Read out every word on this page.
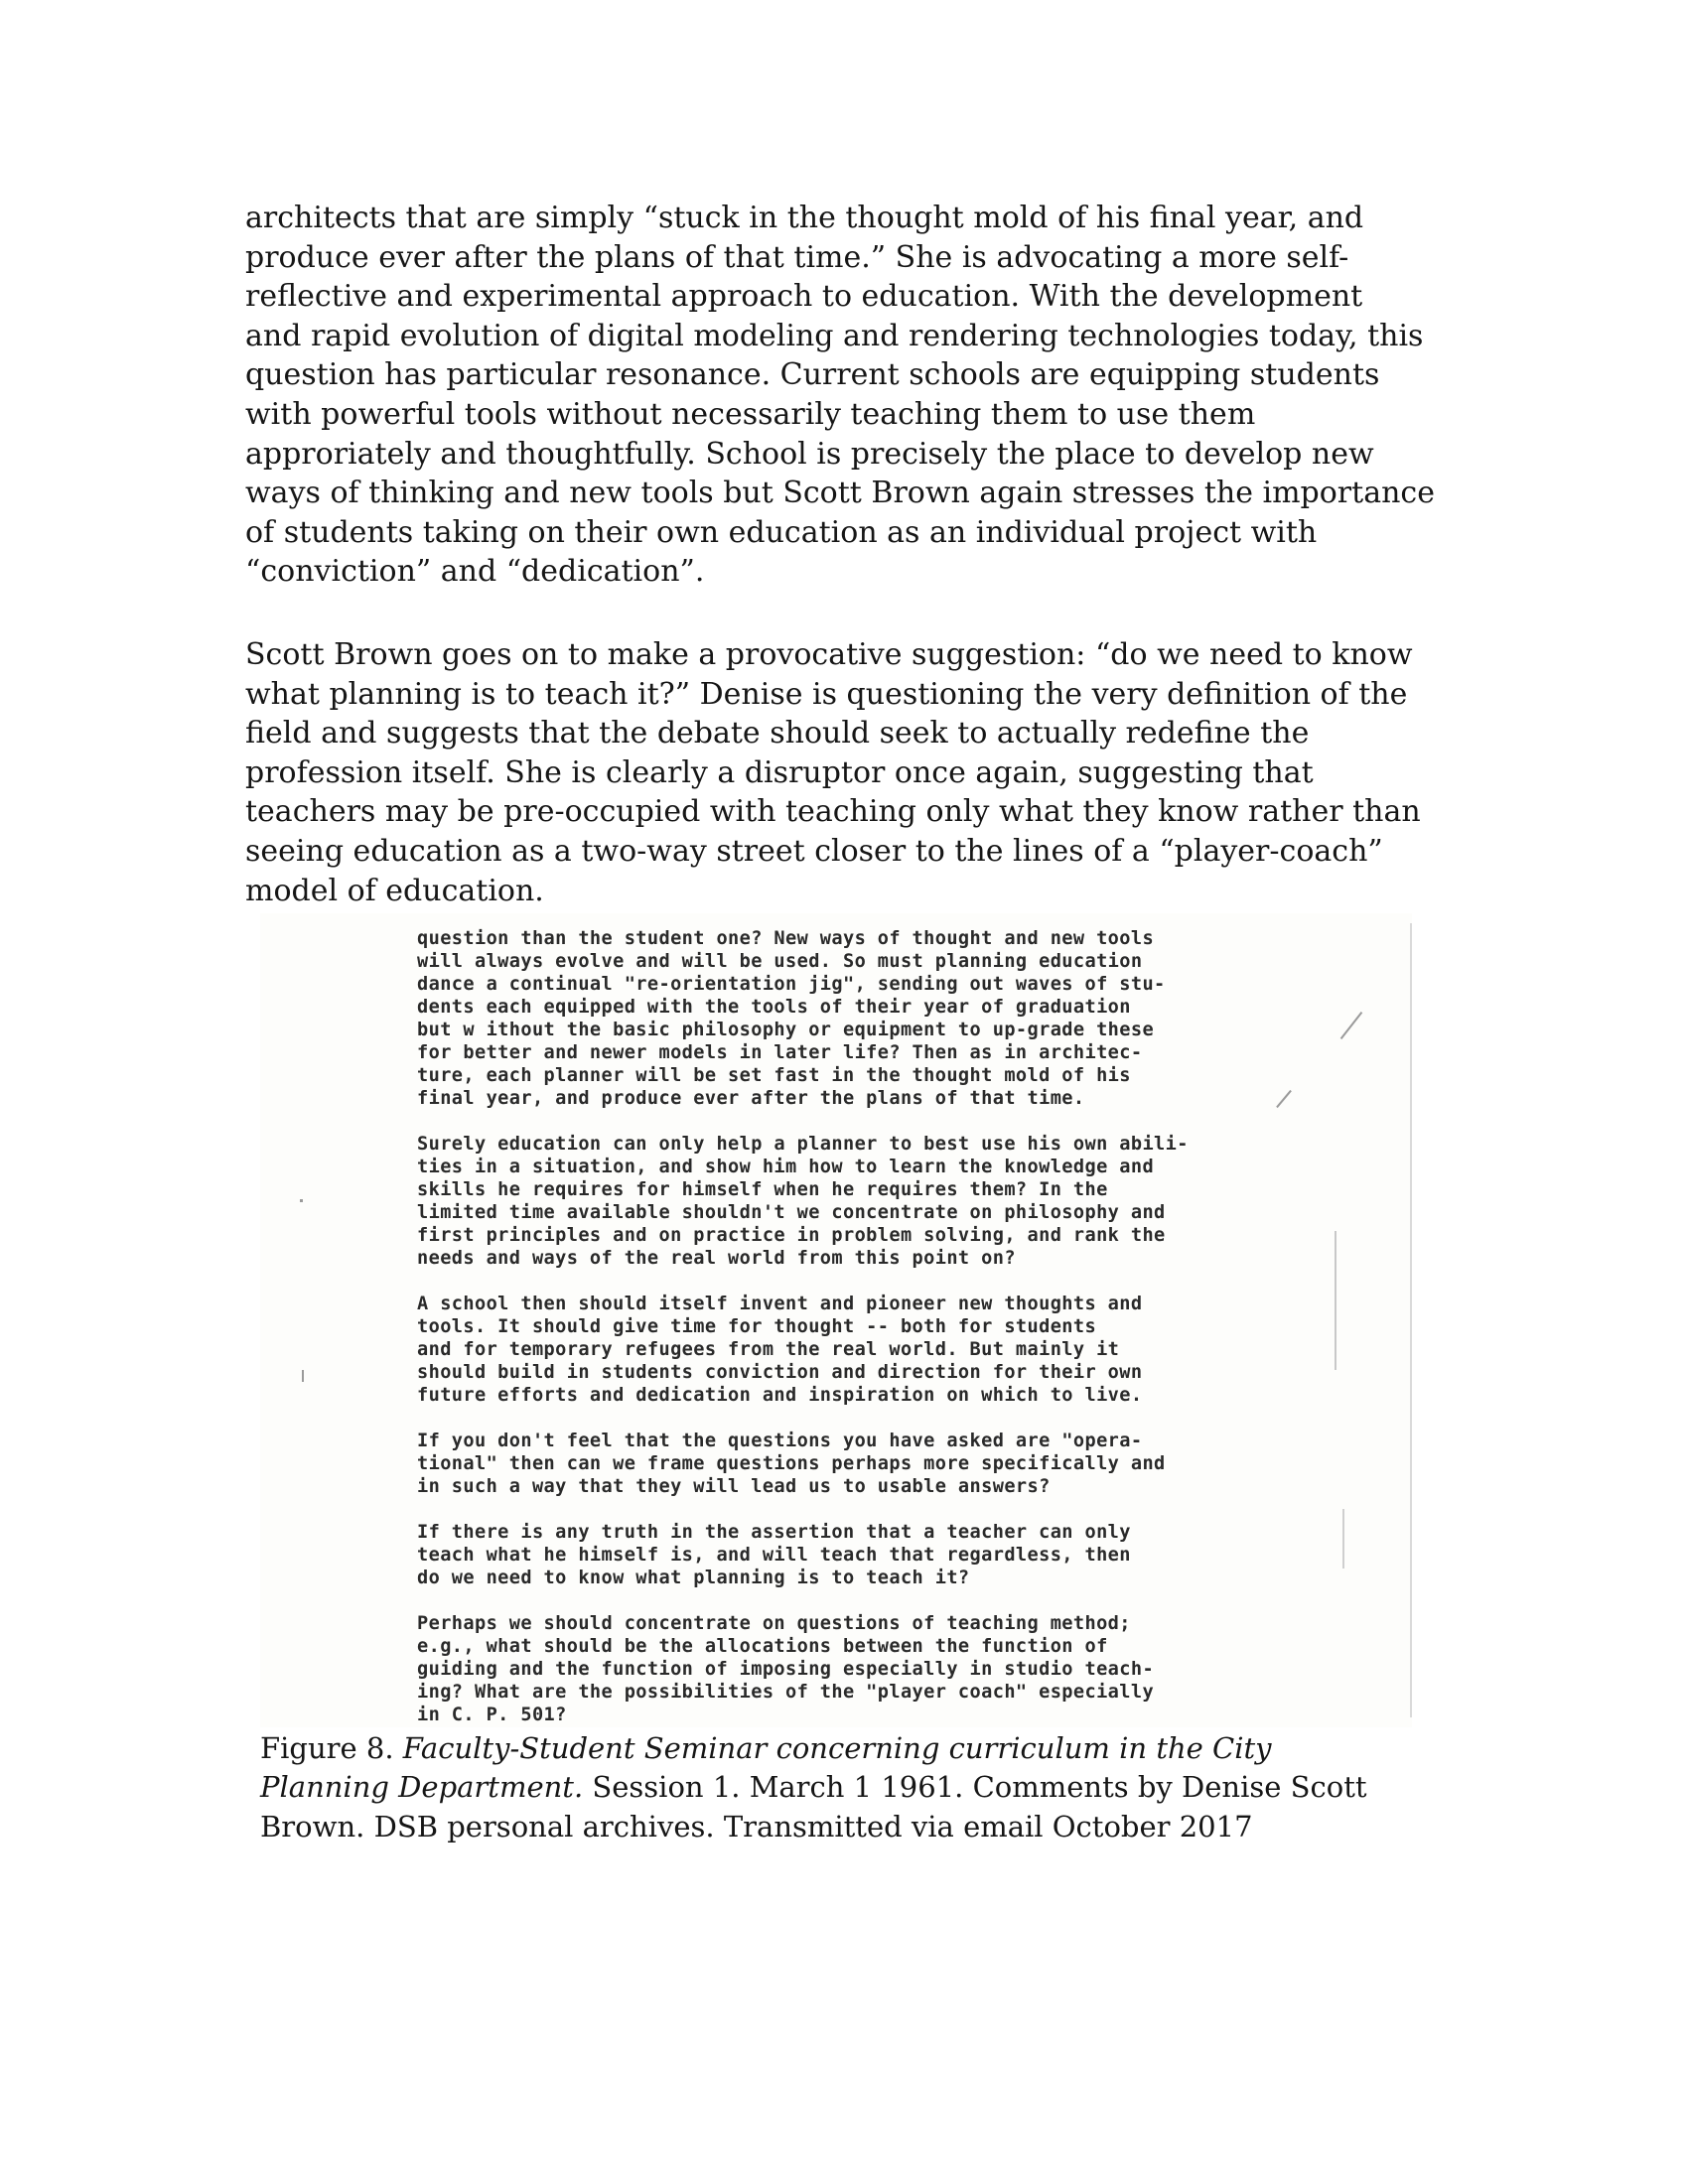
architects that are simply “stuck in the thought mold of his final year, and
produce ever after the plans of that time.” She is advocating a more self-
reflective and experimental approach to education. With the development
and rapid evolution of digital modeling and rendering technologies today, this
question has particular resonance. Current schools are equipping students
with powerful tools without necessarily teaching them to use them
approriately and thoughtfully. School is precisely the place to develop new
ways of thinking and new tools but Scott Brown again stresses the importance
of students taking on their own education as an individual project with
“conviction” and “dedication”.

Scott Brown goes on to make a provocative suggestion: “do we need to know
what planning is to teach it?” Denise is questioning the very definition of the
field and suggests that the debate should seek to actually redefine the
profession itself. She is clearly a disruptor once again, suggesting that
teachers may be pre-occupied with teaching only what they know rather than
seeing education as a two-way street closer to the lines of a “player-coach”
model of education.

question than the student one? New ways of thought and new tools
will always evolve and will be used. So must planning education
dance a continual "re-orientation jig", sending out waves of stu-
dents each equipped with the tools of their year of graduation
but w ithout the basic philosophy or equipment to up-grade these
for better and newer models in later life? Then as in architec-
ture, each planner will be set fast in the thought mold of his
final year, and produce ever after the plans of that time.
Surely education can only help a planner to best use his own abili-
ties in a situation, and show him how to learn the knowledge and
skills he requires for himself when he requires them? In the
limited time available shouldn't we concentrate on philosophy and
first principles and on practice in problem solving, and rank the
needs and ways of the real world from this point on?
A school then should itself invent and pioneer new thoughts and
tools. It should give time for thought -- both for students
and for temporary refugees from the real world. But mainly it
should build in students conviction and direction for their own
future efforts and dedication and inspiration on which to live.
If you don't feel that the questions you have asked are "opera-
tional" then can we frame questions perhaps more specifically and
in such a way that they will lead us to usable answers?
If there is any truth in the assertion that a teacher can only
teach what he himself is, and will teach that regardless, then
do we need to know what planning is to teach it?
Perhaps we should concentrate on questions of teaching method;
e.g., what should be the allocations between the function of
guiding and the function of imposing especially in studio teach-
ing? What are the possibilities of the "player coach" especially
in C. P. 501?

Figure 8. Faculty-Student Seminar concerning curriculum in the City
Planning Department. Session 1. March 1 1961. Comments by Denise Scott
Brown. DSB personal archives. Transmitted via email October 2017
